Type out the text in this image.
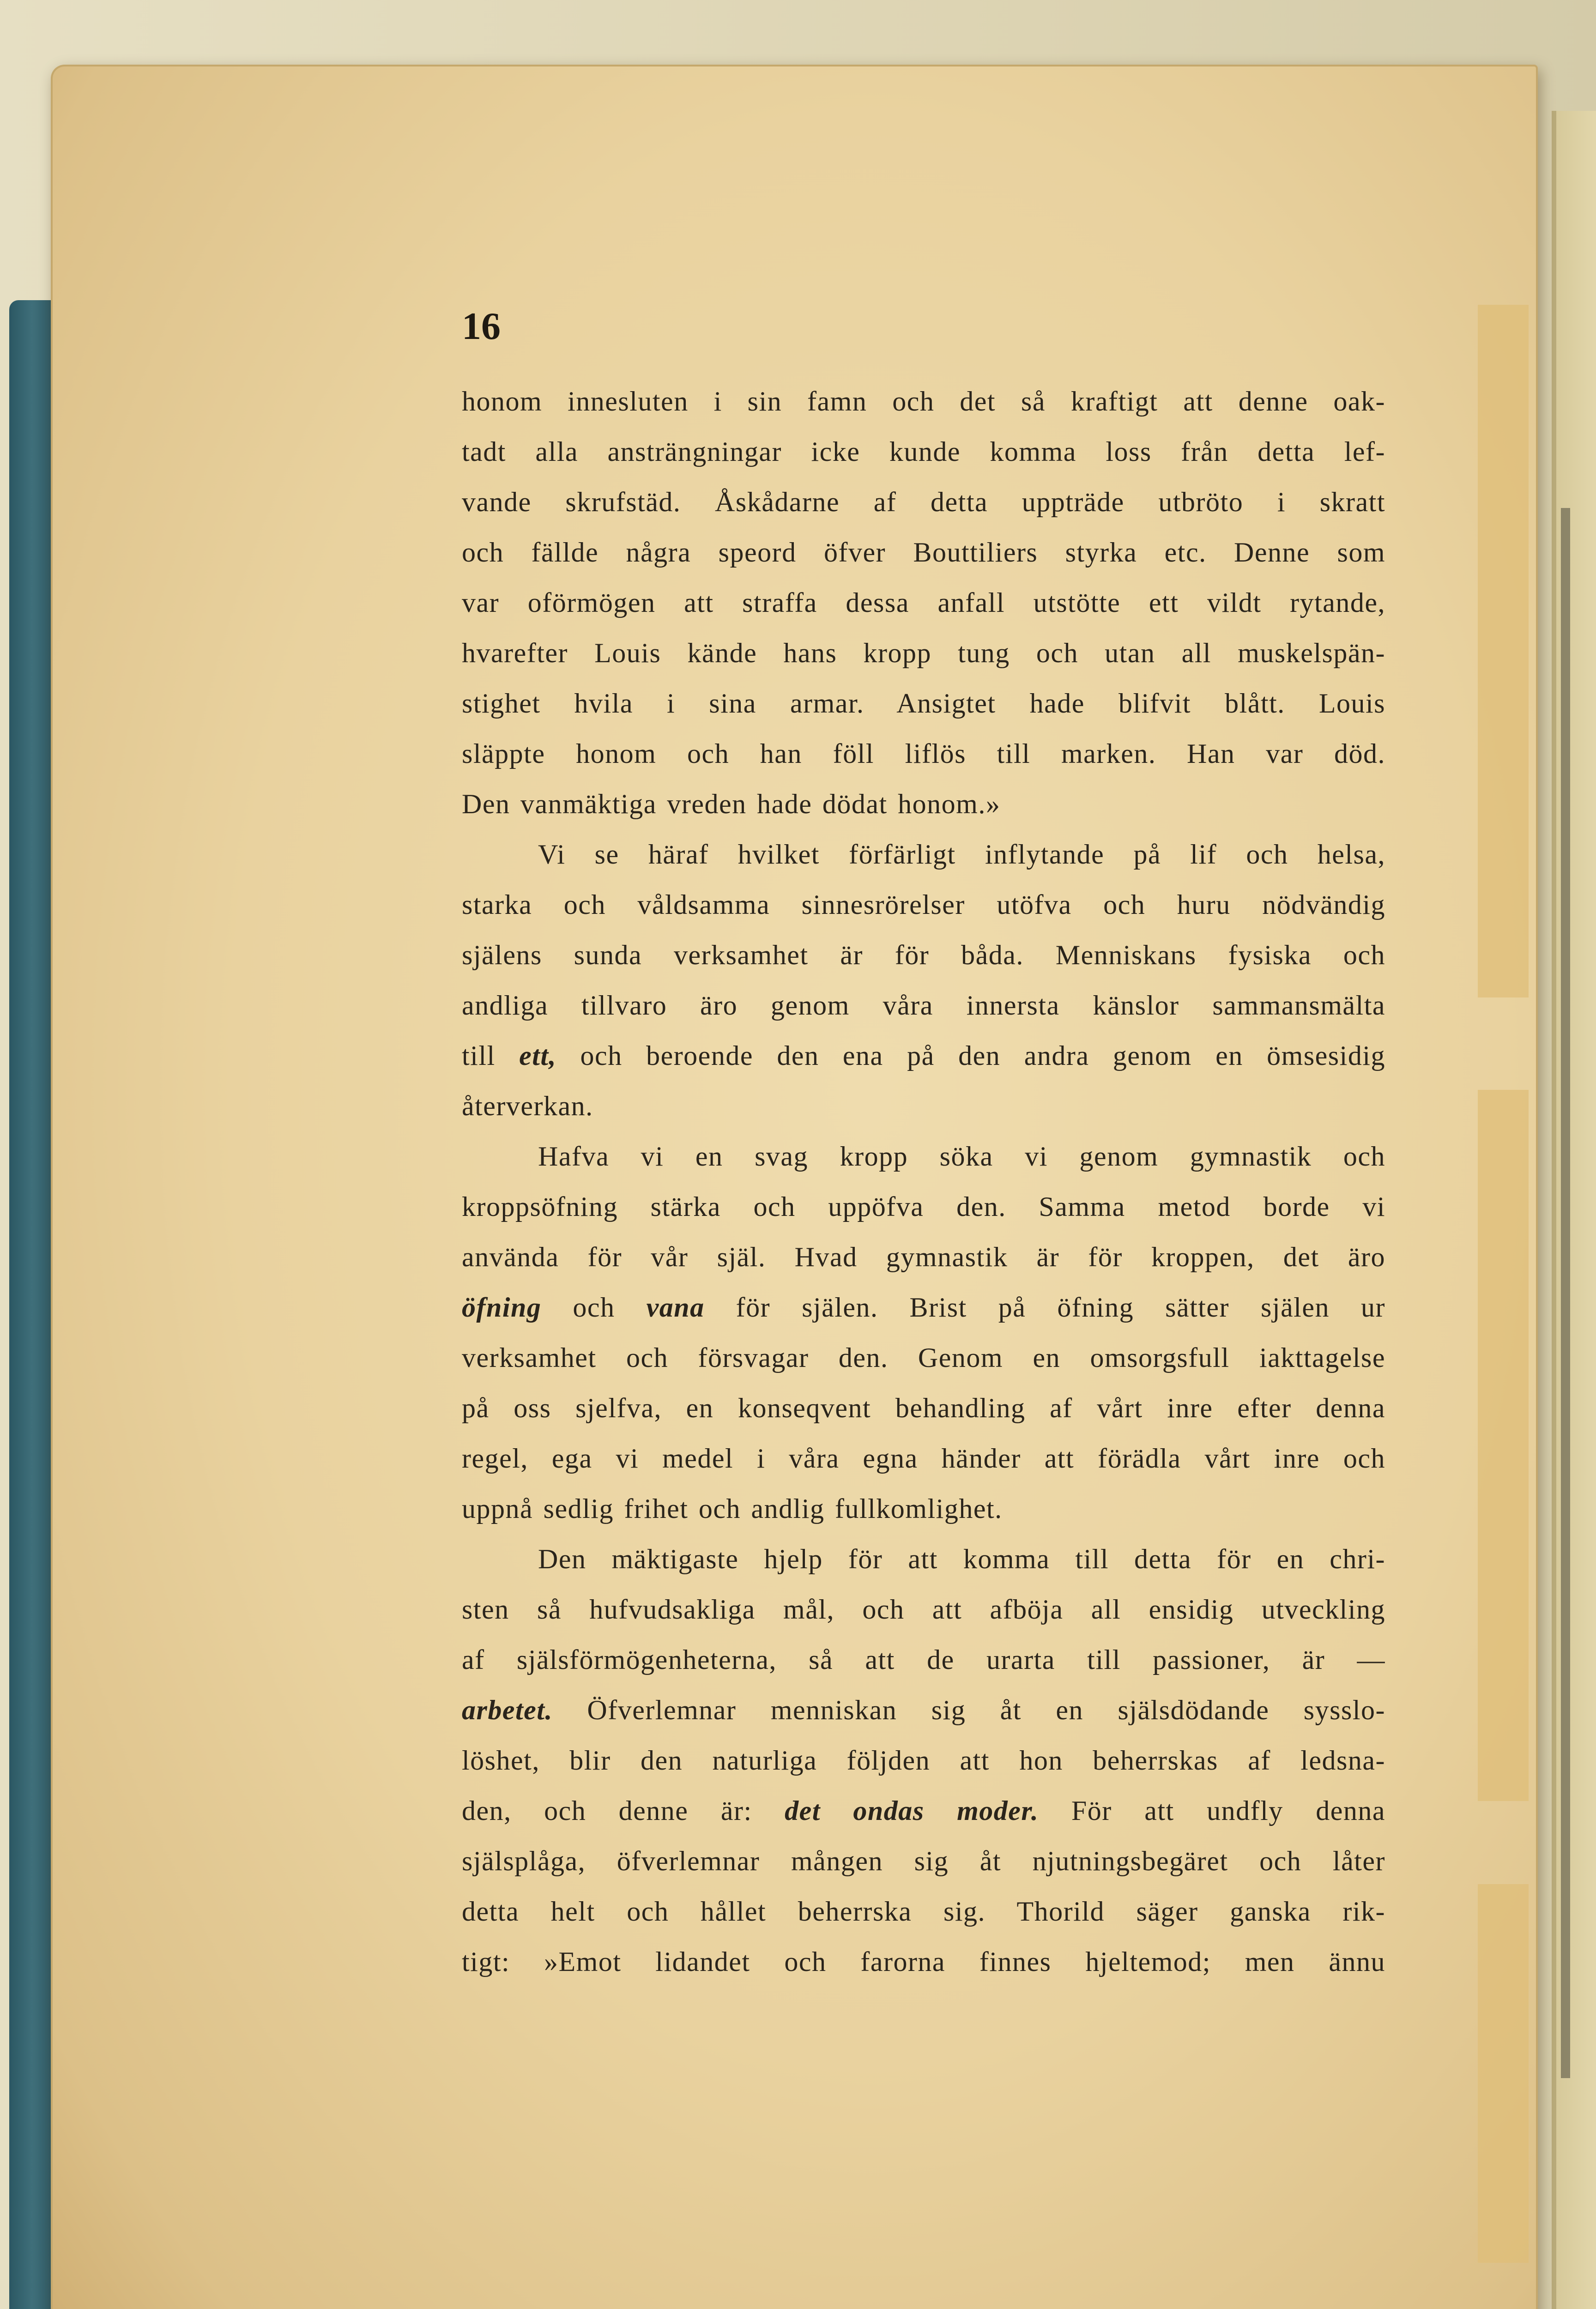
16
honom innesluten i sin famn och det så kraftigt att denne oak-
tadt alla ansträngningar icke kunde komma loss från detta lef-
vande skrufstäd. Åskådarne af detta uppträde utbröto i skratt
och fällde några speord öfver Bouttiliers styrka etc. Denne som
var oförmögen att straffa dessa anfall utstötte ett vildt rytande,
hvarefter Louis kände hans kropp tung och utan all muskelspän-
stighet hvila i sina armar. Ansigtet hade blifvit blått. Louis
släppte honom och han föll liflös till marken. Han var död.
Den vanmäktiga vreden hade dödat honom.»
Vi se häraf hvilket förfärligt inflytande på lif och helsa,
starka och våldsamma sinnesrörelser utöfva och huru nödvändig
själens sunda verksamhet är för båda. Menniskans fysiska och
andliga tillvaro äro genom våra innersta känslor sammansmälta
till ett, och beroende den ena på den andra genom en ömsesidig
återverkan.
Hafva vi en svag kropp söka vi genom gymnastik och
kroppsöfning stärka och uppöfva den. Samma metod borde vi
använda för vår själ. Hvad gymnastik är för kroppen, det äro
öfning och vana för själen. Brist på öfning sätter själen ur
verksamhet och försvagar den. Genom en omsorgsfull iakttagelse
på oss sjelfva, en konseqvent behandling af vårt inre efter denna
regel, ega vi medel i våra egna händer att förädla vårt inre och
uppnå sedlig frihet och andlig fullkomlighet.
Den mäktigaste hjelp för att komma till detta för en chri-
sten så hufvudsakliga mål, och att afböja all ensidig utveckling
af själsförmögenheterna, så att de urarta till passioner, är —
arbetet. Öfverlemnar menniskan sig åt en själsdödande sysslo-
löshet, blir den naturliga följden att hon beherrskas af ledsna-
den, och denne är: det ondas moder. För att undfly denna
själsplåga, öfverlemnar mången sig åt njutningsbegäret och låter
detta helt och hållet beherrska sig. Thorild säger ganska rik-
tigt: »Emot lidandet och farorna finnes hjeltemod; men ännu
